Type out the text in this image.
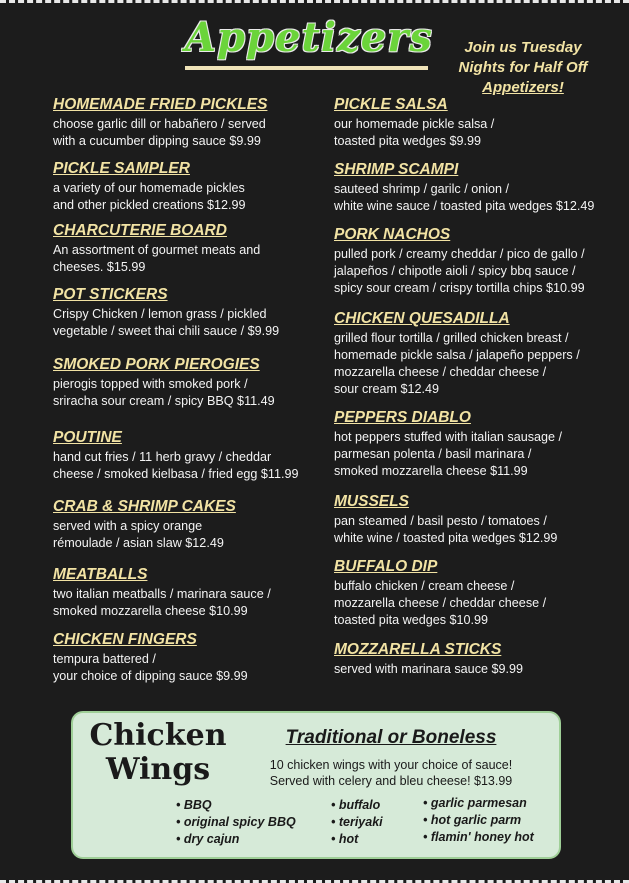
Appetizers	Join us Tuesday
Nights for Half Off
Appetizers!
HOMEMADE FRIED PICKLES
choose garlic dill or habañero / served
with a cucumber dipping sauce $9.99
PICKLE SAMPLER
a variety of our homemade pickles
and other pickled creations $12.99
CHARCUTERIE BOARD
An assortment of gourmet meats and
cheeses. $15.99
POT STICKERS
Crispy Chicken / lemon grass / pickled
vegetable / sweet thai chili sauce / $9.99
SMOKED PORK PIEROGIES
pierogis topped with smoked pork /
sriracha sour cream / spicy BBQ $11.49
POUTINE
hand cut fries / 11 herb gravy / cheddar
cheese / smoked kielbasa / fried egg $11.99
CRAB & SHRIMP CAKES
served with a spicy orange
rémoulade / asian slaw $12.49
MEATBALLS
two italian meatballs / marinara sauce /
smoked mozzarella cheese $10.99
CHICKEN FINGERS
tempura battered /
your choice of dipping sauce $9.99
PICKLE SALSA
our homemade pickle salsa /
toasted pita wedges $9.99
SHRIMP SCAMPI
sauteed shrimp / garilc / onion /
white wine sauce / toasted pita wedges $12.49
PORK NACHOS
pulled pork / creamy cheddar / pico de gallo /
jalapeños / chipotle aioli / spicy bbq sauce /
spicy sour cream / crispy tortilla chips $10.99
CHICKEN QUESADILLA
grilled flour tortilla / grilled chicken breast /
homemade pickle salsa / jalapeño peppers /
mozzarella cheese / cheddar cheese /
sour cream $12.49
PEPPERS DIABLO
hot peppers stuffed with italian sausage /
parmesan polenta / basil marinara /
smoked mozzarella cheese $11.99
MUSSELS
pan steamed / basil pesto / tomatoes /
white wine / toasted pita wedges $12.99
BUFFALO DIP
buffalo chicken / cream cheese /
mozzarella cheese / cheddar cheese /
toasted pita wedges $10.99
MOZZARELLA STICKS
served with marinara sauce $9.99
Chicken
Wings
Traditional or Boneless
10 chicken wings with your choice of sauce!
Served with celery and bleu cheese! $13.99
• BBQ
• original spicy BBQ
• dry cajun
• buffalo
• teriyaki
• hot
• garlic parmesan
• hot garlic parm
• flamin' honey hot
